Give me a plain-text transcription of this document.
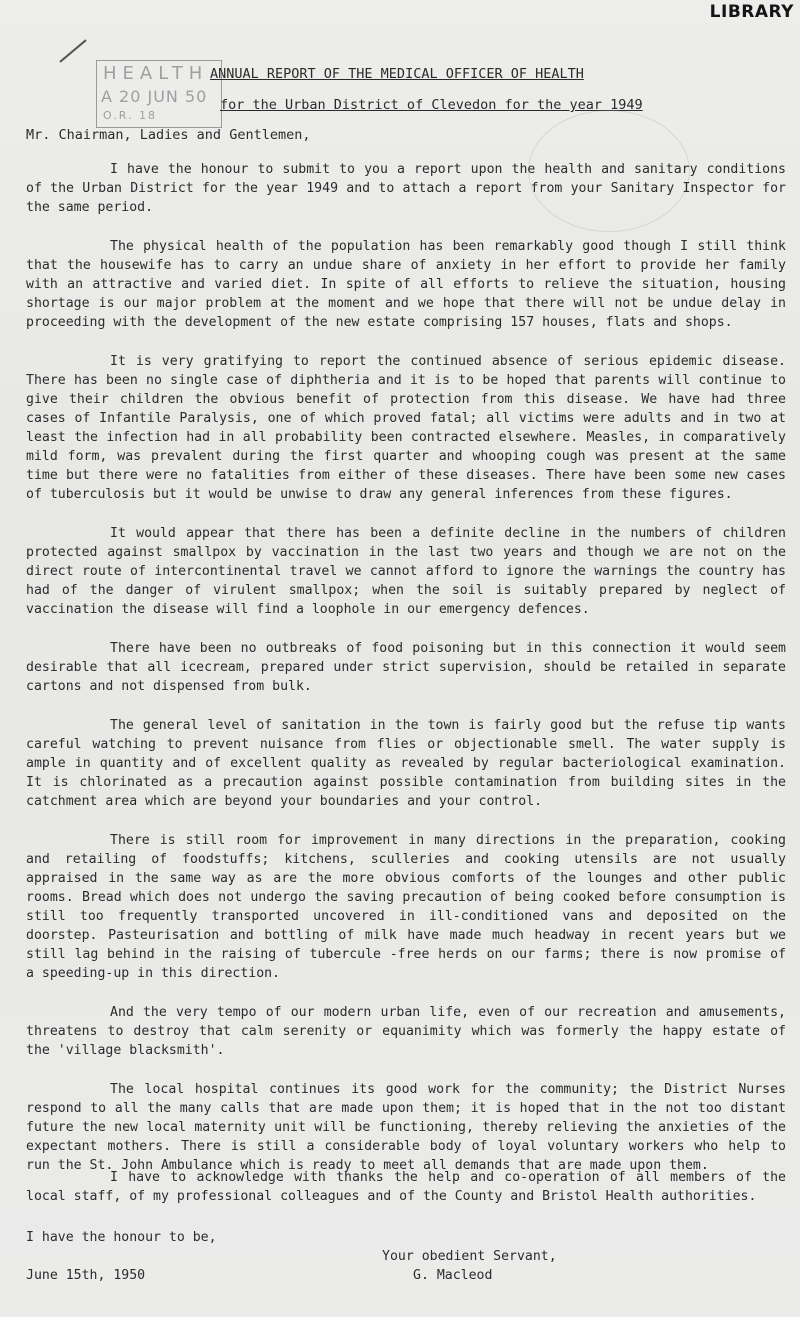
LIBRARY
HEALTH
A 20 JUN 50
O.R. 18
ANNUAL REPORT OF THE MEDICAL OFFICER OF HEALTH
for the Urban District of Clevedon for the year 1949
Mr. Chairman, Ladies and Gentlemen,

I have the honour to submit to you a report upon the health and sanitary conditions of the Urban District for the year 1949 and to attach a report from your Sanitary Inspector for the same period.

The physical health of the population has been remarkably good though I still think that the housewife has to carry an undue share of anxiety in her effort to provide her family with an attractive and varied diet. In spite of all efforts to relieve the situation, housing shortage is our major problem at the moment and we hope that there will not be undue delay in proceeding with the development of the new estate comprising 157 houses, flats and shops.

It is very gratifying to report the continued absence of serious epidemic disease. There has been no single case of diphtheria and it is to be hoped that parents will continue to give their children the obvious benefit of protection from this disease. We have had three cases of Infantile Paralysis, one of which proved fatal; all victims were adults and in two at least the infection had in all probability been contracted elsewhere. Measles, in comparatively mild form, was prevalent during the first quarter and whooping cough was present at the same time but there were no fatalities from either of these diseases. There have been some new cases of tuberculosis but it would be unwise to draw any general inferences from these figures.

It would appear that there has been a definite decline in the numbers of children protected against smallpox by vaccination in the last two years and though we are not on the direct route of intercontinental travel we cannot afford to ignore the warnings the country has had of the danger of virulent smallpox; when the soil is suitably prepared by neglect of vaccination the disease will find a loophole in our emergency defences.

There have been no outbreaks of food poisoning but in this connection it would seem desirable that all icecream, prepared under strict supervision, should be retailed in separate cartons and not dispensed from bulk.

The general level of sanitation in the town is fairly good but the refuse tip wants careful watching to prevent nuisance from flies or objectionable smell. The water supply is ample in quantity and of excellent quality as revealed by regular bacteriological examination. It is chlorinated as a precaution against possible contamination from building sites in the catchment area which are beyond your boundaries and your control.

There is still room for improvement in many directions in the preparation, cooking and retailing of foodstuffs; kitchens, sculleries and cooking utensils are not usually appraised in the same way as are the more obvious comforts of the lounges and other public rooms. Bread which does not undergo the saving precaution of being cooked before consumption is still too frequently transported uncovered in ill-conditioned vans and deposited on the doorstep. Pasteurisation and bottling of milk have made much headway in recent years but we still lag behind in the raising of tubercule -free herds on our farms; there is now promise of a speeding-up in this direction.

And the very tempo of our modern urban life, even of our recreation and amusements, threatens to destroy that calm serenity or equanimity which was formerly the happy estate of the 'village blacksmith'.

The local hospital continues its good work for the community; the District Nurses respond to all the many calls that are made upon them; it is hoped that in the not too distant future the new local maternity unit will be functioning, thereby relieving the anxieties of the expectant mothers. There is still a considerable body of loyal voluntary workers who help to run the St. John Ambulance which is ready to meet all demands that are made upon them.

I have to acknowledge with thanks the help and co-operation of all members of the local staff, of my professional colleagues and of the County and Bristol Health authorities.

I have the honour to be,
Your obedient Servant,
June 15th, 1950	G. Macleod
